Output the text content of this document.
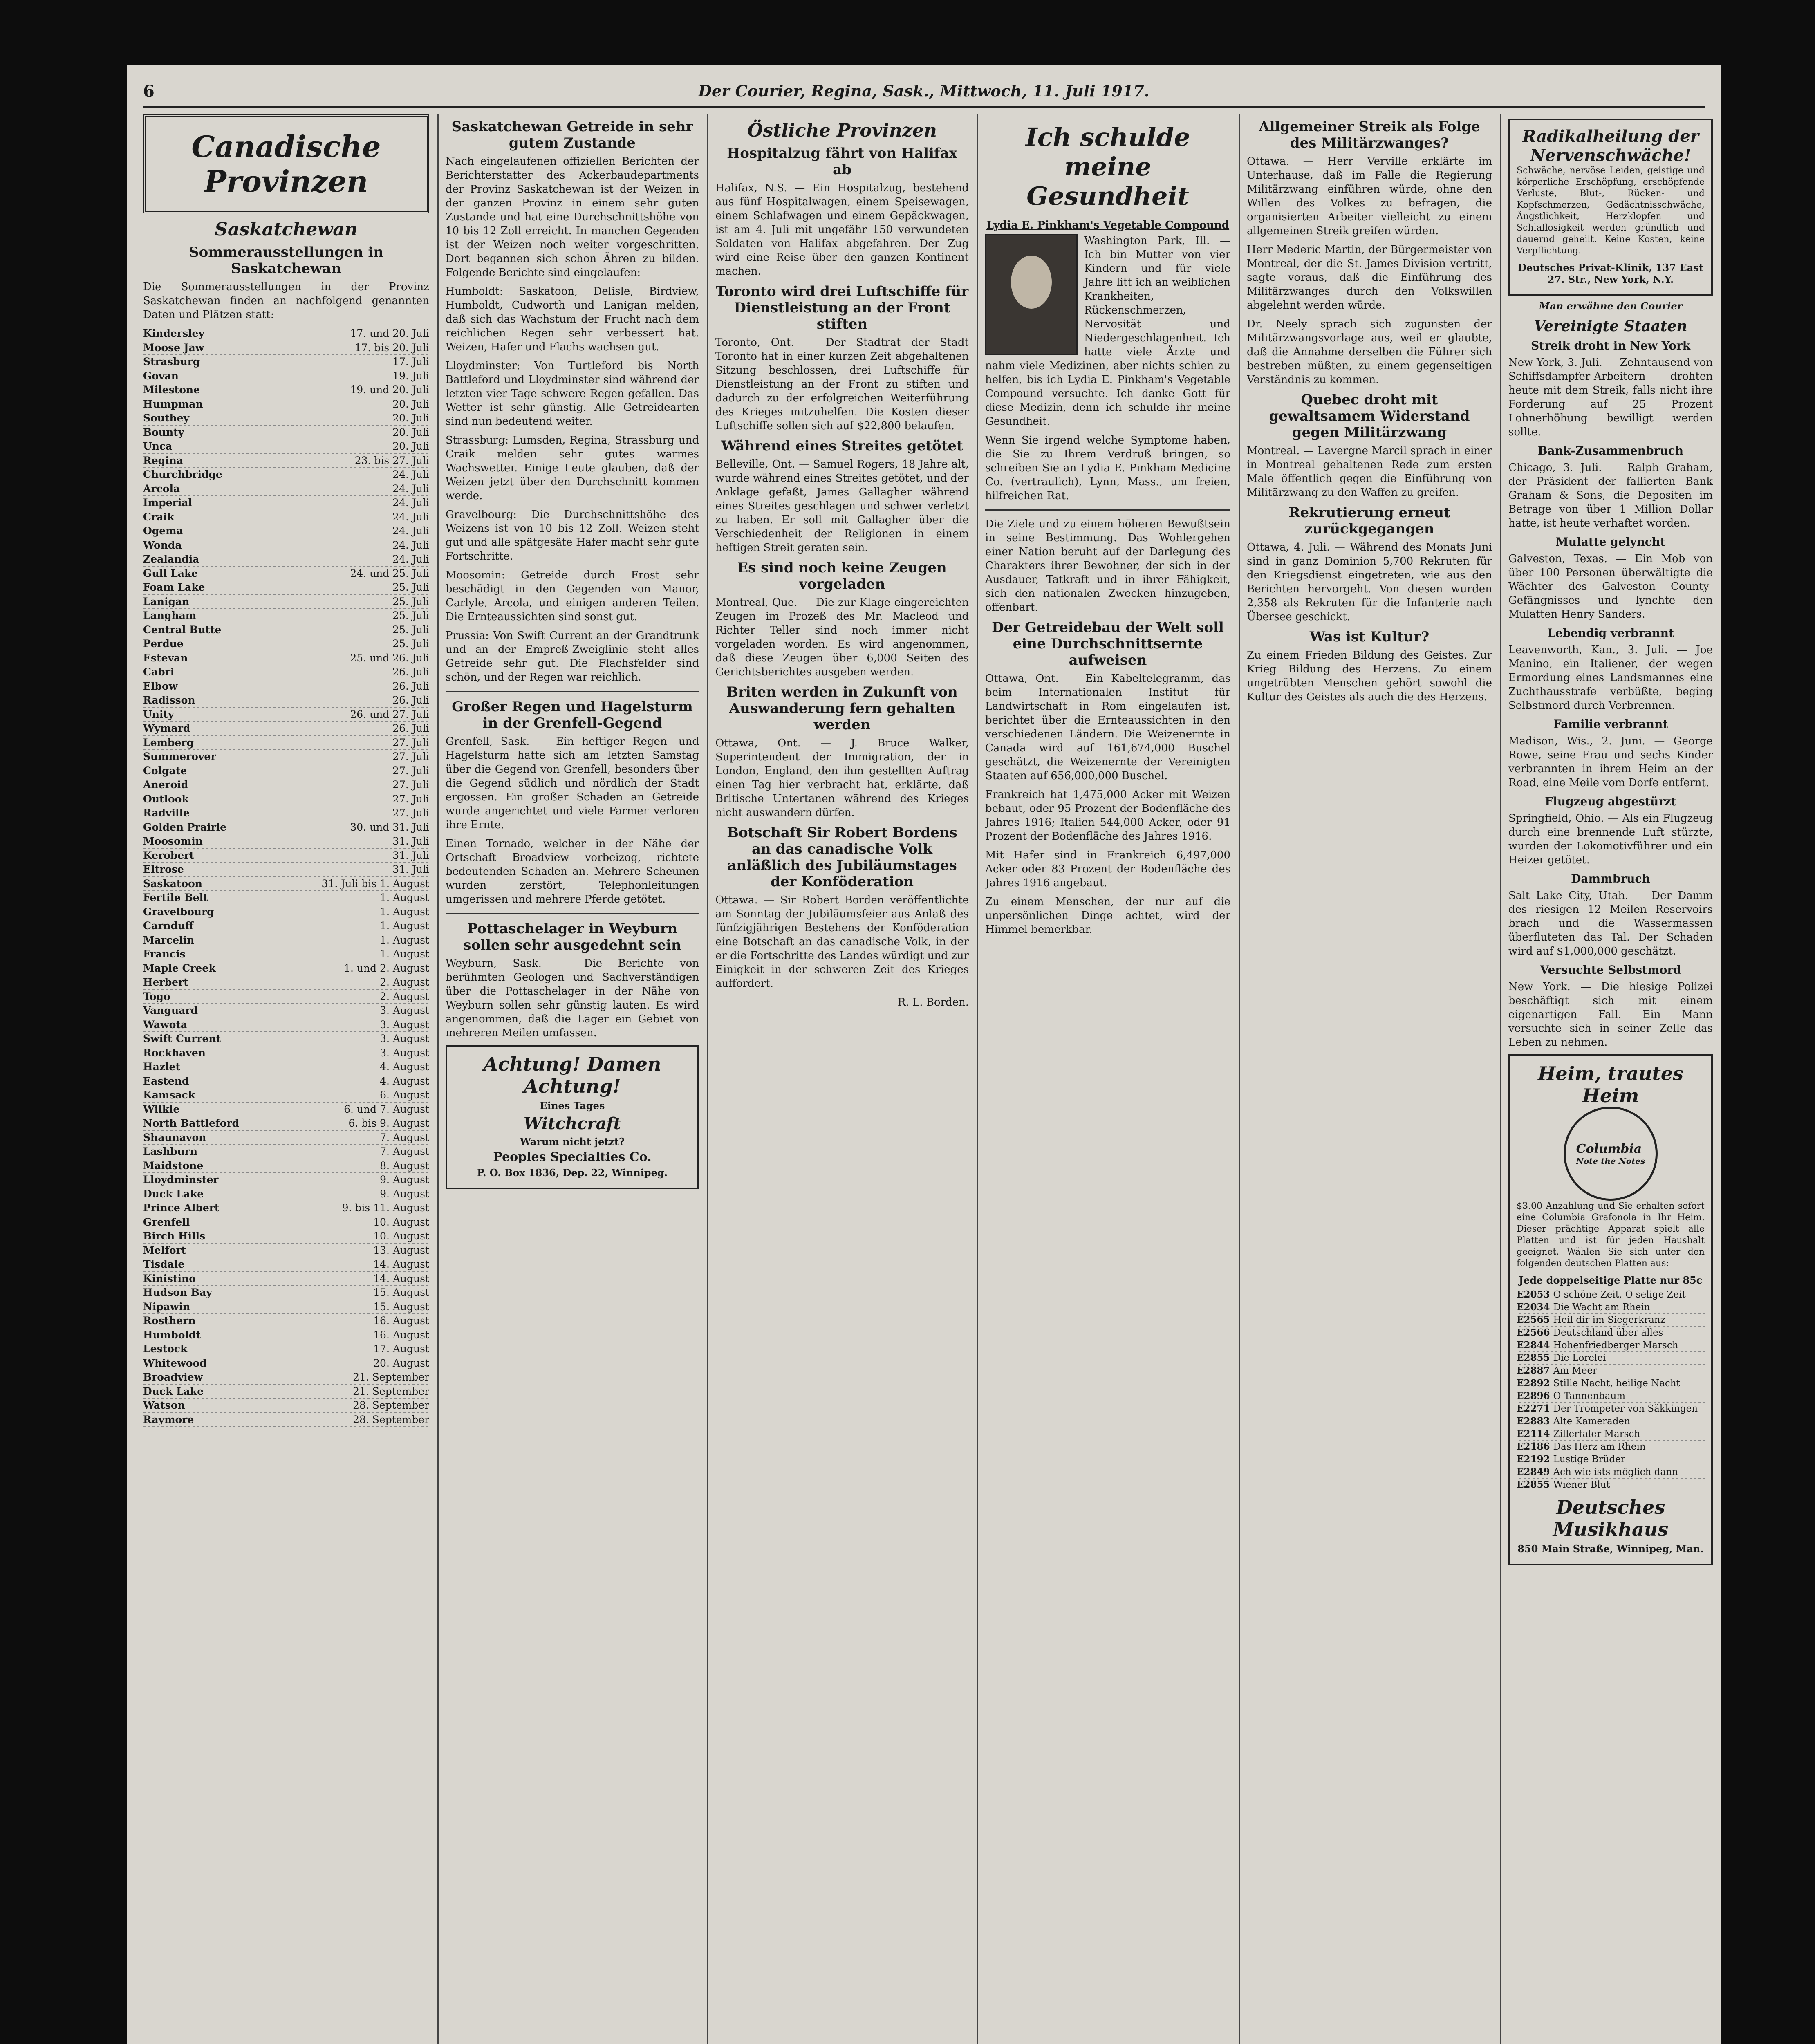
6	Der Courier, Regina, Sask., Mittwoch, 11. Juli 1917.
Canadische Provinzen
Saskatchewan
Sommerausstellungen in Saskatchewan

Die Sommerausstellungen in der Provinz Saskatchewan finden an nachfolgend genannten Daten und Plätzen statt:

Kindersley	17. und 20. Juli
Moose Jaw	17. bis 20. Juli
Strasburg	17. Juli
Govan	19. Juli
Milestone	19. und 20. Juli
Humpman	20. Juli
Southey	20. Juli
Bounty	20. Juli
Unca	20. Juli
Regina	23. bis 27. Juli
Churchbridge	24. Juli
Arcola	24. Juli
Imperial	24. Juli
Craik	24. Juli
Ogema	24. Juli
Wonda	24. Juli
Zealandia	24. Juli
Gull Lake	24. und 25. Juli
Foam Lake	25. Juli
Lanigan	25. Juli
Langham	25. Juli
Central Butte	25. Juli
Perdue	25. Juli
Estevan	25. und 26. Juli
Cabri	26. Juli
Elbow	26. Juli
Radisson	26. Juli
Unity	26. und 27. Juli
Wymard	26. Juli
Lemberg	27. Juli
Summerover	27. Juli
Colgate	27. Juli
Aneroid	27. Juli
Outlook	27. Juli
Radville	27. Juli
Golden Prairie	30. und 31. Juli
Moosomin	31. Juli
Kerobert	31. Juli
Eltrose	31. Juli
Saskatoon	31. Juli bis 1. August
Fertile Belt	1. August
Gravelbourg	1. August
Carnduff	1. August
Marcelin	1. August
Francis	1. August
Maple Creek	1. und 2. August
Herbert	2. August
Togo	2. August
Vanguard	3. August
Wawota	3. August
Swift Current	3. August
Rockhaven	3. August
Hazlet	4. August
Eastend	4. August
Kamsack	6. August
Wilkie	6. und 7. August
North Battleford	6. bis 9. August
Shaunavon	7. August
Lashburn	7. August
Maidstone	8. August
Lloydminster	9. August
Duck Lake	9. August
Prince Albert	9. bis 11. August
Grenfell	10. August
Birch Hills	10. August
Melfort	13. August
Tisdale	14. August
Kinistino	14. August
Hudson Bay	15. August
Nipawin	15. August
Rosthern	16. August
Humboldt	16. August
Lestock	17. August
Whitewood	20. August
Broadview	21. September
Duck Lake	21. September
Watson	28. September
Raymore	28. September
Saskatchewan Getreide in sehr gutem Zustande

Nach eingelaufenen offiziellen Berichten der Berichterstatter des Ackerbaudepartments der Provinz Saskatchewan ist der Weizen in der ganzen Provinz in einem sehr guten Zustande und hat eine Durchschnittshöhe von 10 bis 12 Zoll erreicht. In manchen Gegenden ist der Weizen noch weiter vorgeschritten. Dort begannen sich schon Ähren zu bilden. Folgende Berichte sind eingelaufen:

Humboldt: Saskatoon, Delisle, Birdview, Humboldt, Cudworth und Lanigan melden, daß sich das Wachstum der Frucht nach dem reichlichen Regen sehr verbessert hat. Weizen, Hafer und Flachs wachsen gut.

Lloydminster: Von Turtleford bis North Battleford und Lloydminster sind während der letzten vier Tage schwere Regen gefallen. Das Wetter ist sehr günstig. Alle Getreidearten sind nun bedeutend weiter.

Strassburg: Lumsden, Regina, Strassburg und Craik melden sehr gutes warmes Wachswetter. Einige Leute glauben, daß der Weizen jetzt über den Durchschnitt kommen werde.

Gravelbourg: Die Durchschnittshöhe des Weizens ist von 10 bis 12 Zoll. Weizen steht gut und alle spätgesäte Hafer macht sehr gute Fortschritte.

Moosomin: Getreide durch Frost sehr beschädigt in den Gegenden von Manor, Carlyle, Arcola, und einigen anderen Teilen. Die Ernteaussichten sind sonst gut.

Prussia: Von Swift Current an der Grandtrunk und an der Empreß-Zweiglinie steht alles Getreide sehr gut. Die Flachsfelder sind schön, und der Regen war reichlich.

Großer Regen und Hagelsturm in der Grenfell-Gegend

Grenfell, Sask. — Ein heftiger Regen- und Hagelsturm hatte sich am letzten Samstag über die Gegend von Grenfell, besonders über die Gegend südlich und nördlich der Stadt ergossen. Ein großer Schaden an Getreide wurde angerichtet und viele Farmer verloren ihre Ernte.

Einen Tornado, welcher in der Nähe der Ortschaft Broadview vorbeizog, richtete bedeutenden Schaden an. Mehrere Scheunen wurden zerstört, Telephonleitungen umgerissen und mehrere Pferde getötet.

Pottaschelager in Weyburn sollen sehr ausgedehnt sein

Weyburn, Sask. — Die Berichte von berühmten Geologen und Sachverständigen über die Pottaschelager in der Nähe von Weyburn sollen sehr günstig lauten. Es wird angenommen, daß die Lager ein Gebiet von mehreren Meilen umfassen.

Achtung! Damen Achtung!
Eines Tages
Witchcraft
Warum nicht jetzt?
Peoples Specialties Co.
P. O. Box 1836, Dep. 22, Winnipeg.
Östliche Provinzen
Hospitalzug fährt von Halifax ab

Halifax, N.S. — Ein Hospitalzug, bestehend aus fünf Hospitalwagen, einem Speisewagen, einem Schlafwagen und einem Gepäckwagen, ist am 4. Juli mit ungefähr 150 verwundeten Soldaten von Halifax abgefahren. Der Zug wird eine Reise über den ganzen Kontinent machen.

Toronto wird drei Luftschiffe für Dienstleistung an der Front stiften

Toronto, Ont. — Der Stadtrat der Stadt Toronto hat in einer kurzen Zeit abgehaltenen Sitzung beschlossen, drei Luftschiffe für Dienstleistung an der Front zu stiften und dadurch zu der erfolgreichen Weiterführung des Krieges mitzuhelfen. Die Kosten dieser Luftschiffe sollen sich auf $22,800 belaufen.

Während eines Streites getötet

Belleville, Ont. — Samuel Rogers, 18 Jahre alt, wurde während eines Streites getötet, und der Anklage gefaßt, James Gallagher während eines Streites geschlagen und schwer verletzt zu haben. Er soll mit Gallagher über die Verschiedenheit der Religionen in einem heftigen Streit geraten sein.

Es sind noch keine Zeugen vorgeladen

Montreal, Que. — Die zur Klage eingereichten Zeugen im Prozeß des Mr. Macleod und Richter Teller sind noch immer nicht vorgeladen worden. Es wird angenommen, daß diese Zeugen über 6,000 Seiten des Gerichtsberichtes ausgeben werden.

Briten werden in Zukunft von Auswanderung fern gehalten werden

Ottawa, Ont. — J. Bruce Walker, Superintendent der Immigration, der in London, England, den ihm gestellten Auftrag einen Tag hier verbracht hat, erklärte, daß Britische Untertanen während des Krieges nicht auswandern dürfen.

Botschaft Sir Robert Bordens an das canadische Volk anläßlich des Jubiläumstages der Konföderation

Ottawa. — Sir Robert Borden veröffentlichte am Sonntag der Jubiläumsfeier aus Anlaß des fünfzigjährigen Bestehens der Konföderation eine Botschaft an das canadische Volk, in der er die Fortschritte des Landes würdigt und zur Einigkeit in der schweren Zeit des Krieges auffordert.

R. L. Borden.

Ich schulde meine Gesundheit
Lydia E. Pinkham's Vegetable Compound

Washington Park, Ill. — Ich bin Mutter von vier Kindern und für viele Jahre litt ich an weiblichen Krankheiten, Rückenschmerzen, Nervosität und Niedergeschlagenheit. Ich hatte viele Ärzte und nahm viele Medizinen, aber nichts schien zu helfen, bis ich Lydia E. Pinkham's Vegetable Compound versuchte. Ich danke Gott für diese Medizin, denn ich schulde ihr meine Gesundheit.

Wenn Sie irgend welche Symptome haben, die Sie zu Ihrem Verdruß bringen, so schreiben Sie an Lydia E. Pinkham Medicine Co. (vertraulich), Lynn, Mass., um freien, hilfreichen Rat.

Die Ziele und zu einem höheren Bewußtsein in seine Bestimmung. Das Wohlergehen einer Nation beruht auf der Darlegung des Charakters ihrer Bewohner, der sich in der Ausdauer, Tatkraft und in ihrer Fähigkeit, sich den nationalen Zwecken hinzugeben, offenbart.

Der Getreidebau der Welt soll eine Durchschnittsernte aufweisen

Ottawa, Ont. — Ein Kabeltelegramm, das beim Internationalen Institut für Landwirtschaft in Rom eingelaufen ist, berichtet über die Ernteaussichten in den verschiedenen Ländern. Die Weizenernte in Canada wird auf 161,674,000 Buschel geschätzt, die Weizenernte der Vereinigten Staaten auf 656,000,000 Buschel.

Frankreich hat 1,475,000 Acker mit Weizen bebaut, oder 95 Prozent der Bodenfläche des Jahres 1916; Italien 544,000 Acker, oder 91 Prozent der Bodenfläche des Jahres 1916.

Mit Hafer sind in Frankreich 6,497,000 Acker oder 83 Prozent der Bodenfläche des Jahres 1916 angebaut.

Zu einem Menschen, der nur auf die unpersönlichen Dinge achtet, wird der Himmel bemerkbar.

Allgemeiner Streik als Folge des Militärzwanges?

Ottawa. — Herr Verville erklärte im Unterhause, daß im Falle die Regierung Militärzwang einführen würde, ohne den Willen des Volkes zu befragen, die organisierten Arbeiter vielleicht zu einem allgemeinen Streik greifen würden.

Herr Mederic Martin, der Bürgermeister von Montreal, der die St. James-Division vertritt, sagte voraus, daß die Einführung des Militärzwanges durch den Volkswillen abgelehnt werden würde.

Dr. Neely sprach sich zugunsten der Militärzwangsvorlage aus, weil er glaubte, daß die Annahme derselben die Führer sich bestreben müßten, zu einem gegenseitigen Verständnis zu kommen.

Quebec droht mit gewaltsamem Widerstand gegen Militärzwang

Montreal. — Lavergne Marcil sprach in einer in Montreal gehaltenen Rede zum ersten Male öffentlich gegen die Einführung von Militärzwang zu den Waffen zu greifen.

Rekrutierung erneut zurückgegangen

Ottawa, 4. Juli. — Während des Monats Juni sind in ganz Dominion 5,700 Rekruten für den Kriegsdienst eingetreten, wie aus den Berichten hervorgeht. Von diesen wurden 2,358 als Rekruten für die Infanterie nach Übersee geschickt.

Was ist Kultur?

Zu einem Frieden Bildung des Geistes. Zur Krieg Bildung des Herzens. Zu einem ungetrübten Menschen gehört sowohl die Kultur des Geistes als auch die des Herzens.

Radikalheilung der Nervenschwäche!

Schwäche, nervöse Leiden, geistige und körperliche Erschöpfung, erschöpfende Verluste, Blut-, Rücken- und Kopfschmerzen, Gedächtnisschwäche, Ängstlichkeit, Herzklopfen und Schlaflosigkeit werden gründlich und dauernd geheilt. Keine Kosten, keine Verpflichtung.

Deutsches Privat-Klinik, 137 East 27. Str., New York, N.Y.
Man erwähne den Courier
Vereinigte Staaten
Streik droht in New York

New York, 3. Juli. — Zehntausend von Schiffsdampfer-Arbeitern drohten heute mit dem Streik, falls nicht ihre Forderung auf 25 Prozent Lohnerhöhung bewilligt werden sollte.

Bank-Zusammenbruch

Chicago, 3. Juli. — Ralph Graham, der Präsident der fallierten Bank Graham & Sons, die Depositen im Betrage von über 1 Million Dollar hatte, ist heute verhaftet worden.

Mulatte gelyncht

Galveston, Texas. — Ein Mob von über 100 Personen überwältigte die Wächter des Galveston County-Gefängnisses und lynchte den Mulatten Henry Sanders.

Lebendig verbrannt

Leavenworth, Kan., 3. Juli. — Joe Manino, ein Italiener, der wegen Ermordung eines Landsmannes eine Zuchthausstrafe verbüßte, beging Selbstmord durch Verbrennen.

Familie verbrannt

Madison, Wis., 2. Juni. — George Rowe, seine Frau und sechs Kinder verbrannten in ihrem Heim an der Road, eine Meile vom Dorfe entfernt.

Flugzeug abgestürzt

Springfield, Ohio. — Als ein Flugzeug durch eine brennende Luft stürzte, wurden der Lokomotivführer und ein Heizer getötet.

Dammbruch

Salt Lake City, Utah. — Der Damm des riesigen 12 Meilen Reservoirs brach und die Wassermassen überfluteten das Tal. Der Schaden wird auf $1,000,000 geschätzt.

Versuchte Selbstmord

New York. — Die hiesige Polizei beschäftigt sich mit einem eigenartigen Fall. Ein Mann versuchte sich in seiner Zelle das Leben zu nehmen.

Heim, trautes Heim
Columbia
Note the Notes

$3.00 Anzahlung und Sie erhalten sofort eine Columbia Grafonola in Ihr Heim. Dieser prächtige Apparat spielt alle Platten und ist für jeden Haushalt geeignet. Wählen Sie sich unter den folgenden deutschen Platten aus:

Jede doppelseitige Platte nur 85c
E2053 O schöne Zeit, O selige Zeit
E2034 Die Wacht am Rhein
E2565 Heil dir im Siegerkranz
E2566 Deutschland über alles
E2844 Hohenfriedberger Marsch
E2855 Die Lorelei
E2887 Am Meer
E2892 Stille Nacht, heilige Nacht
E2896 O Tannenbaum
E2271 Der Trompeter von Säkkingen
E2883 Alte Kameraden
E2114 Zillertaler Marsch
E2186 Das Herz am Rhein
E2192 Lustige Brüder
E2849 Ach wie ists möglich dann
E2855 Wiener Blut
Deutsches Musikhaus
850 Main Straße, Winnipeg, Man.
